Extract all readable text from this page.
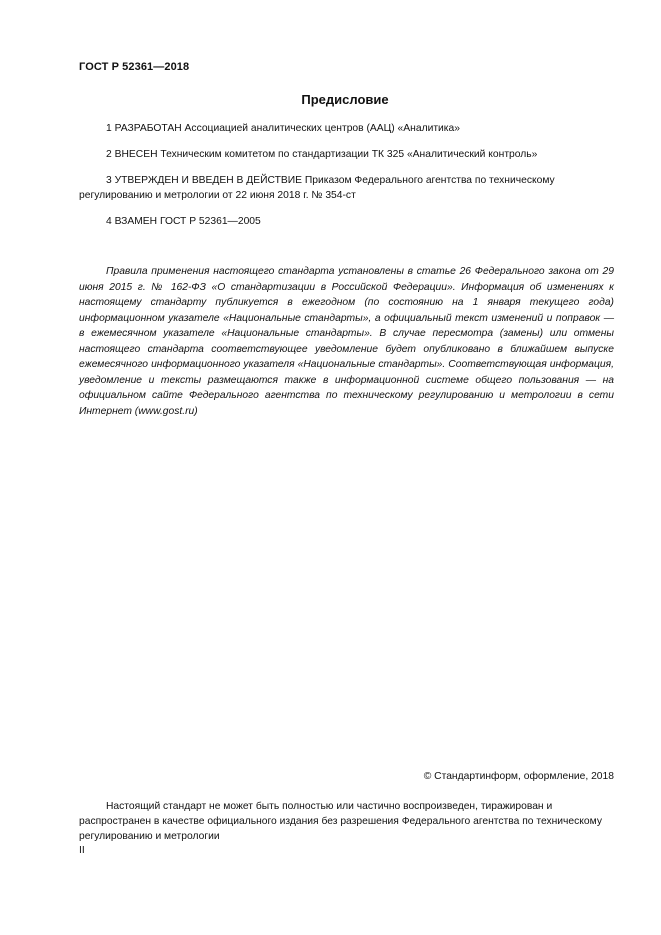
ГОСТ Р 52361—2018
Предисловие
1 РАЗРАБОТАН Ассоциацией аналитических центров (ААЦ) «Аналитика»
2 ВНЕСЕН Техническим комитетом по стандартизации ТК 325 «Аналитический контроль»
3 УТВЕРЖДЕН И ВВЕДЕН В ДЕЙСТВИЕ Приказом Федерального агентства по техническому регулированию и метрологии от 22 июня 2018 г. № 354-ст
4 ВЗАМЕН ГОСТ Р 52361—2005
Правила применения настоящего стандарта установлены в статье 26 Федерального закона от 29 июня 2015 г. № 162-ФЗ «О стандартизации в Российской Федерации». Информация об изменениях к настоящему стандарту публикуется в ежегодном (по состоянию на 1 января текущего года) информационном указателе «Национальные стандарты», а официальный текст изменений и поправок — в ежемесячном указателе «Национальные стандарты». В случае пересмотра (замены) или отмены настоящего стандарта соответствующее уведомление будет опубликовано в ближайшем выпуске ежемесячного информационного указателя «Национальные стандарты». Соответствующая информация, уведомление и тексты размещаются также в информационной системе общего пользования — на официальном сайте Федерального агентства по техническому регулированию и метрологии в сети Интернет (www.gost.ru)
© Стандартинформ, оформление, 2018
Настоящий стандарт не может быть полностью или частично воспроизведен, тиражирован и распространен в качестве официального издания без разрешения Федерального агентства по техническому регулированию и метрологии
II
